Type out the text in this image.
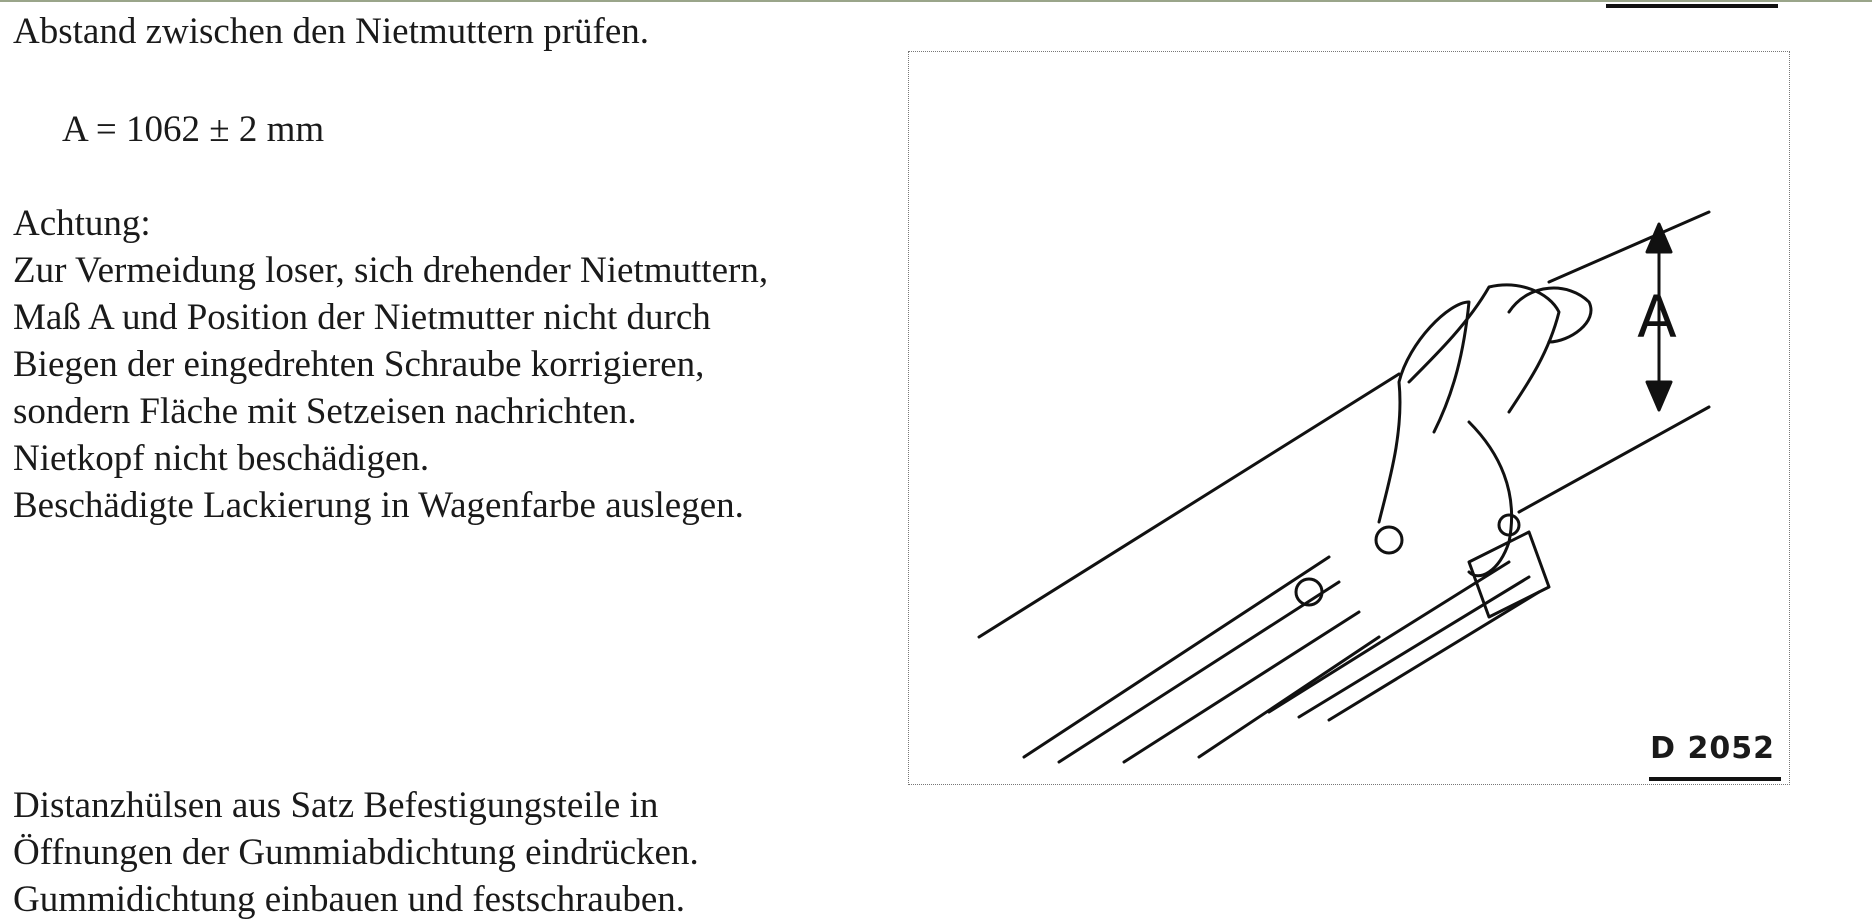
Abstand zwischen den Nietmuttern prüfen.
A = 1062 ± 2 mm
Achtung:
Zur Vermeidung loser, sich drehender Nietmuttern,
Maß A und Position der Nietmutter nicht durch
Biegen der eingedrehten Schraube korrigieren,
sondern Fläche mit Setzeisen nachrichten.
Nietkopf nicht beschädigen.
Beschädigte Lackierung in Wagenfarbe auslegen.
Distanzhülsen aus Satz Befestigungsteile in
Öffnungen der Gummiabdichtung eindrücken.
Gummidichtung einbauen und festschrauben.
A
D 2052
